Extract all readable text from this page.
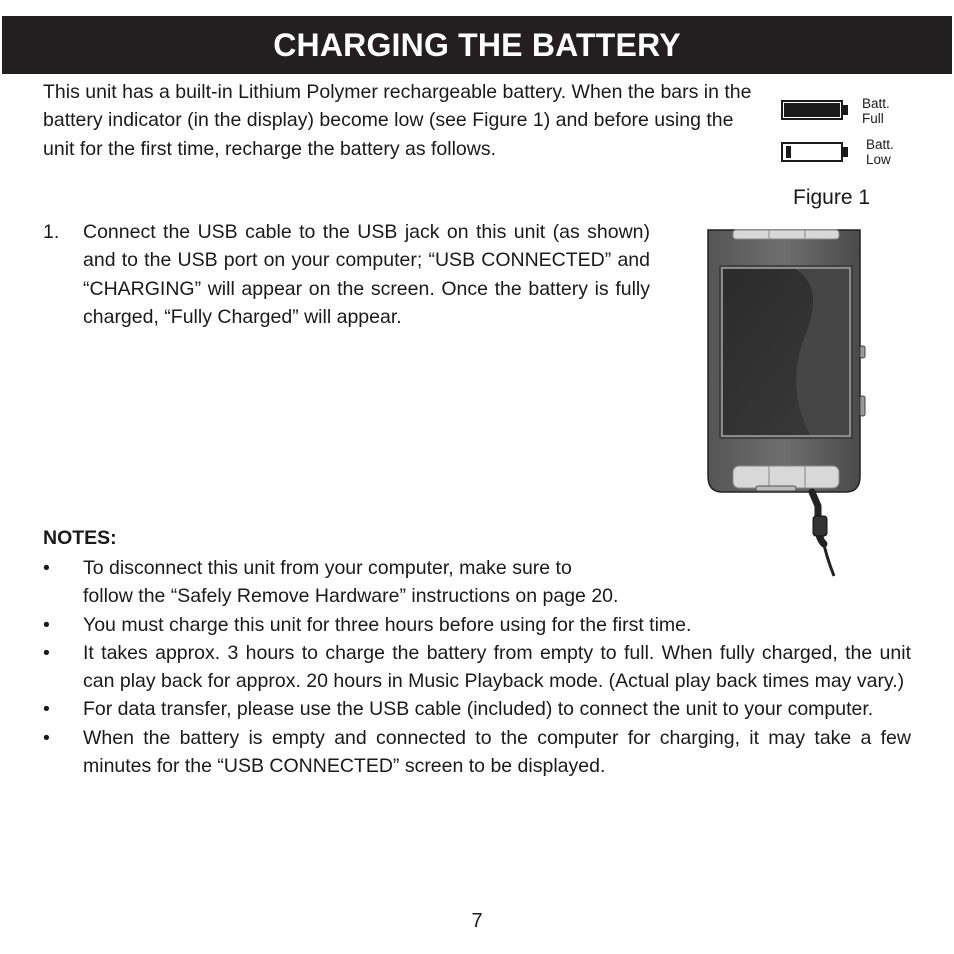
CHARGING THE BATTERY

This unit has a built-in Lithium Polymer rechargeable battery. When the bars in the battery indicator (in the display) become low (see Figure 1) and before using the unit for the first time, recharge the battery as follows.

Batt.
Full
Batt.
Low
Figure 1
1. Connect the USB cable to the USB jack on this unit (as shown) and to the USB port on your computer; “USB CONNECTED” and “CHARGING” will appear on the screen. Once the battery is fully charged, “Fully Charged” will appear.
NOTES:
• To disconnect this unit from your computer, make sure to
follow the “Safely Remove Hardware” instructions on page 20.
• You must charge this unit for three hours before using for the first time.
• It takes approx. 3 hours to charge the battery from empty to full. When fully charged, the unit can play back for approx. 20 hours in Music Playback mode. (Actual play back times may vary.)
• For data transfer, please use the USB cable (included) to connect the unit to your computer.
• When the battery is empty and connected to the computer for charging, it may take a few minutes for the “USB CONNECTED” screen to be displayed.
7
